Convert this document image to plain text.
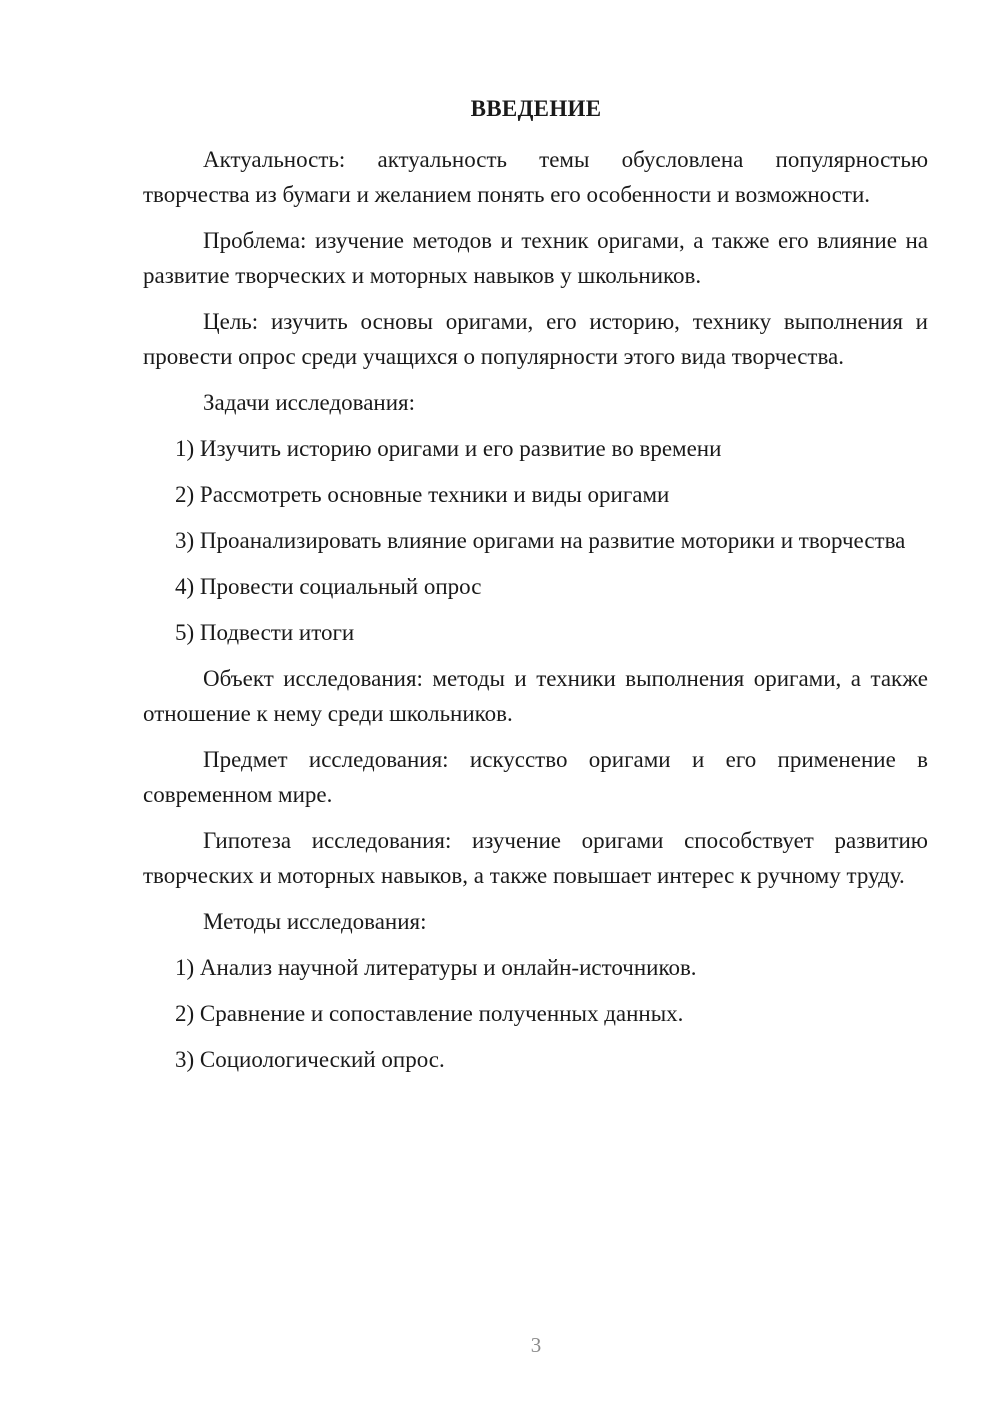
ВВЕДЕНИЕ

Актуальность: актуальность темы обусловлена популярностью творчества из бумаги и желанием понять его особенности и возможности.

Проблема: изучение методов и техник оригами, а также его влияние на развитие творческих и моторных навыков у школьников.

Цель: изучить основы оригами, его историю, технику выполнения и провести опрос среди учащихся о популярности этого вида творчества.

Задачи исследования:

1) Изучить историю оригами и его развитие во времени

2) Рассмотреть основные техники и виды оригами

3) Проанализировать влияние оригами на развитие моторики и творчества

4) Провести социальный опрос

5) Подвести итоги

Объект исследования: методы и техники выполнения оригами, а также отношение к нему среди школьников.

Предмет исследования: искусство оригами и его применение в современном мире.

Гипотеза исследования: изучение оригами способствует развитию творческих и моторных навыков, а также повышает интерес к ручному труду.

Методы исследования:

1) Анализ научной литературы и онлайн-источников.

2) Сравнение и сопоставление полученных данных.

3) Социологический опрос.

3
